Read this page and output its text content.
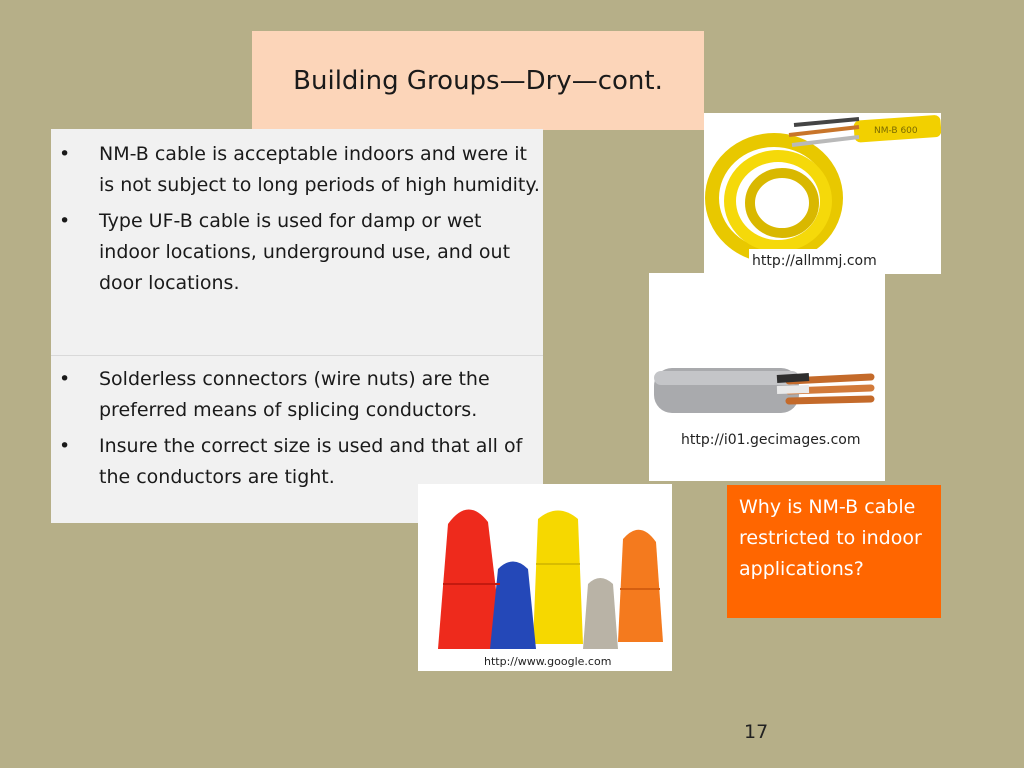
Building Groups—Dry—cont.
• NM-B cable is acceptable indoors and were it is not subject to long periods of high humidity.
• Type UF-B cable is used for damp or wet indoor locations, underground use, and out door locations.
• Solderless connectors (wire nuts) are the preferred means of splicing conductors.
• Insure the correct size is used and that all of the conductors are tight.
NM-B 600
http://allmmj.com
http://i01.gecimages.com
http://www.google.com
Why is NM-B cable restricted to indoor applications?
17
